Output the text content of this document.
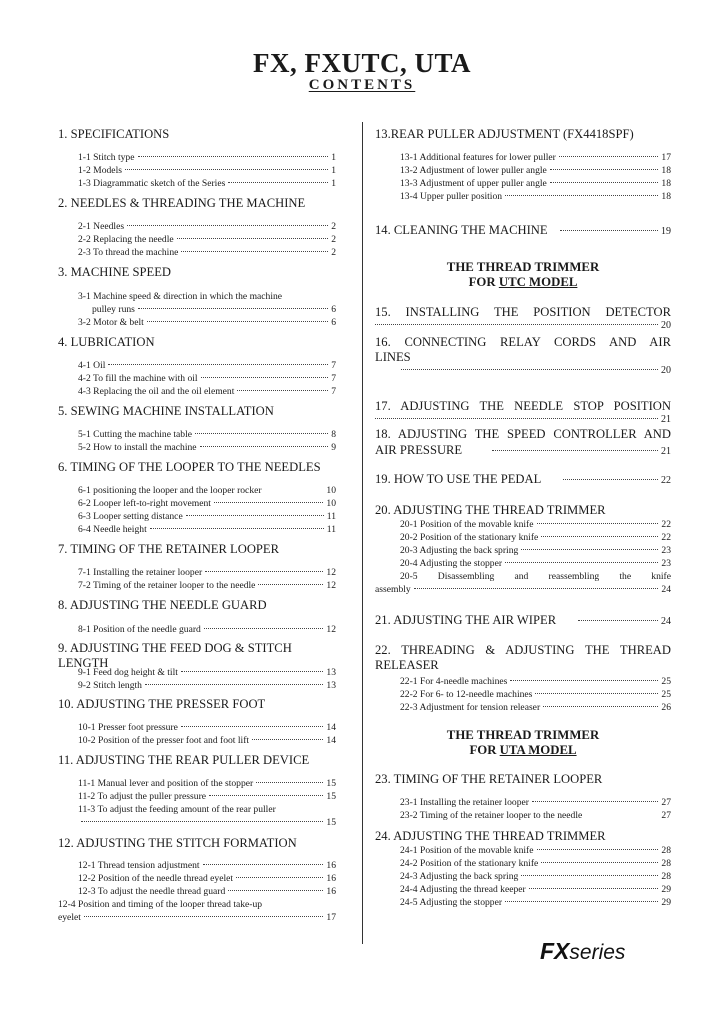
FX, FXUTC, UTA
CONTENTS
1. SPECIFICATIONS
1-1 Stitch type	1
1-2 Models	1
1-3 Diagrammatic sketch of the Series	1
2. NEEDLES & THREADING THE MACHINE
2-1 Needles	2
2-2 Replacing the needle	2
2-3 To thread the machine	2
3. MACHINE SPEED
3-1 Machine speed & direction in which the machine
pulley runs	6
3-2 Motor & belt	6
4. LUBRICATION
4-1 Oil	7
4-2 To fill the machine with oil	7
4-3 Replacing the oil and the oil element	7
5. SEWING MACHINE INSTALLATION
5-1 Cutting the machine table	8
5-2 How to install the machine	9
6. TIMING OF THE LOOPER TO THE NEEDLES
6-1 positioning the looper and the looper rocker	10
6-2 Looper left-to-right movement	10
6-3 Looper setting distance	11
6-4 Needle height	11
7. TIMING OF THE RETAINER LOOPER
7-1 Installing the retainer looper	12
7-2 Timing of the retainer looper to the needle	12
8. ADJUSTING THE NEEDLE GUARD
8-1 Position of the needle guard	12
9. ADJUSTING THE FEED DOG & STITCH LENGTH
9-1 Feed dog height & tilt	13
9-2 Stitch length	13
10. ADJUSTING THE PRESSER FOOT
10-1 Presser foot pressure	14
10-2 Position of the presser foot and foot lift	14
11. ADJUSTING THE REAR PULLER DEVICE
11-1 Manual lever and position of the stopper	15
11-2 To adjust the puller pressure	15
11-3 To adjust the feeding amount of the rear puller
15
12. ADJUSTING THE STITCH FORMATION
12-1 Thread tension adjustment	16
12-2 Position of the needle thread eyelet	16
12-3 To adjust the needle thread guard	16
12-4 Position and timing of the looper thread take-up
eyelet	17
13.REAR PULLER ADJUSTMENT (FX4418SPF)
13-1 Additional features for lower puller	17
13-2 Adjustment of lower puller angle	18
13-3 Adjustment of upper puller angle	18
13-4 Upper puller position	18
14. CLEANING THE MACHINE	19
THE THREAD TRIMMER
FOR UTC MODEL
15. INSTALLING THE POSITION DETECTOR
20
16. CONNECTING RELAY CORDS AND AIR
LINES
20
17. ADJUSTING THE NEEDLE STOP POSITION
21
18. ADJUSTING THE SPEED CONTROLLER AND
AIR PRESSURE	21
19. HOW TO USE THE PEDAL	22
20. ADJUSTING THE THREAD TRIMMER
20-1 Position of the movable knife	22
20-2 Position of the stationary knife	22
20-3 Adjusting the back spring	23
20-4 Adjusting the stopper	23
20-5 Disassembling and reassembling the knife
assembly	24
21. ADJUSTING THE AIR WIPER	24
22. THREADING & ADJUSTING THE THREAD
RELEASER
22-1 For 4-needle machines	25
22-2 For 6- to 12-needle machines	25
22-3 Adjustment for tension releaser	26
THE THREAD TRIMMER
FOR UTA MODEL
23. TIMING OF THE RETAINER LOOPER
23-1 Installing the retainer looper	27
23-2 Timing of the retainer looper to the needle	27
24. ADJUSTING THE THREAD TRIMMER
24-1 Position of the movable knife	28
24-2 Position of the stationary knife	28
24-3 Adjusting the back spring	28
24-4 Adjusting the thread keeper	29
24-5 Adjusting the stopper	29
FXseries
